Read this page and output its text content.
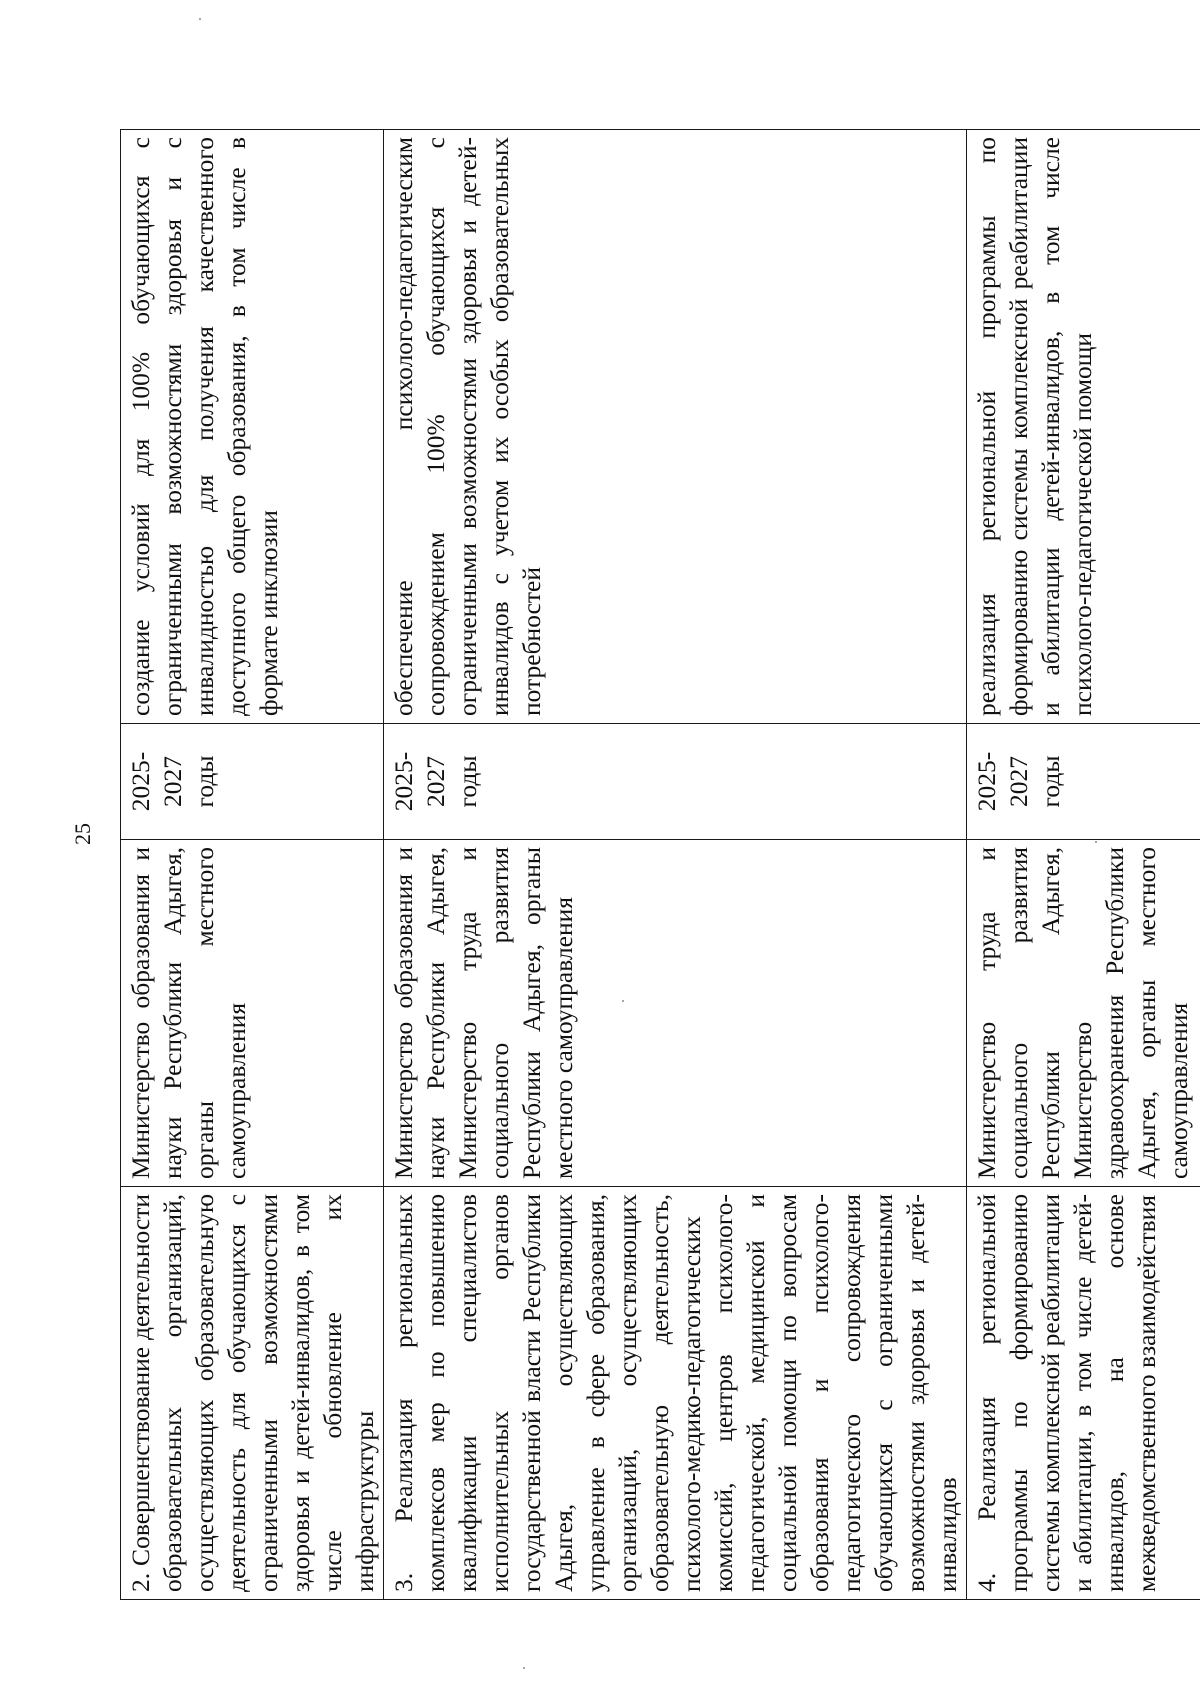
25
2. Совершенствование деятельности образовательных организаций, осуществляющих образовательную деятельность для обучающихся с ограниченными возможностями здоровья и детей-инвалидов, в том числе обновление их инфраструктуры	Министерство образования и науки Республики Адыгея, органы местного самоуправления	2025-2027 годы	создание условий для 100% обучающихся с ограниченными возможностями здоровья и с инвалидностью для получения качественного доступного общего образования, в том числе в формате инклюзии
3. Реализация региональных комплексов мер по повышению квалификации специалистов исполнительных органов государственной власти Республики Адыгея, осуществляющих управление в сфере образования, организаций, осуществляющих образовательную деятельность, психолого-медико-педагогических комиссий, центров психолого-педагогической, медицинской и социальной помощи по вопросам образования и психолого-педагогического сопровождения обучающихся с ограниченными возможностями здоровья и детей-инвалидов	Министерство образования и науки Республики Адыгея, Министерство труда и социального развития Республики Адыгея, органы местного самоуправления	2025-2027 годы	обеспечение психолого-педагогическим сопровождением 100% обучающихся с ограниченными возможностями здоровья и детей-инвалидов с учетом их особых образовательных потребностей
4. Реализация региональной программы по формированию системы комплексной реабилитации и абилитации, в том числе детей-инвалидов, на основе межведомственного взаимодействия	Министерство труда и социального развития Республики Адыгея, Министерство здравоохранения Республики Адыгея, органы местного самоуправления	2025-2027 годы	реализация региональной программы по формированию системы комплексной реабилитации и абилитации детей-инвалидов, в том числе психолого-педагогической помощи
